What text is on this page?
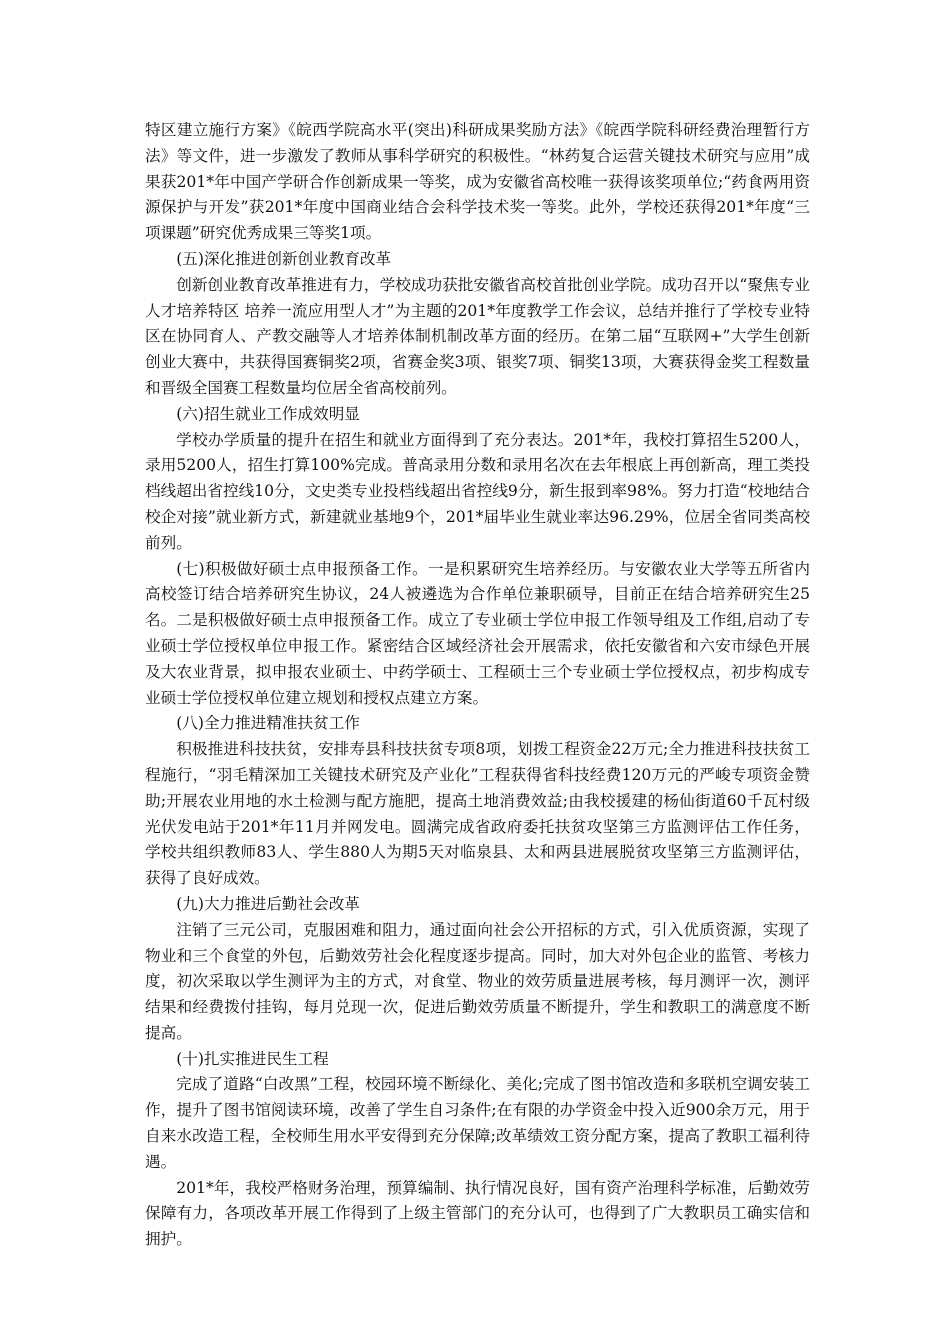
特区建立施行方案》《皖西学院高水平(突出)科研成果奖励方法》《皖西学院科研经费治理暂行方法》等文件，进一步激发了教师从事科学研究的积极性。“林药复合运营关键技术研究与应用”成果获201*年中国产学研合作创新成果一等奖，成为安徽省高校唯一获得该奖项单位;“药食两用资源保护与开发”获201*年度中国商业结合会科学技术奖一等奖。此外，学校还获得201*年度“三项课题”研究优秀成果三等奖1项。

(五)深化推进创新创业教育改革

创新创业教育改革推进有力，学校成功获批安徽省高校首批创业学院。成功召开以“聚焦专业人才培养特区 培养一流应用型人才”为主题的201*年度教学工作会议，总结并推行了学校专业特区在协同育人、产教交融等人才培养体制机制改革方面的经历。在第二届“互联网+”大学生创新创业大赛中，共获得国赛铜奖2项，省赛金奖3项、银奖7项、铜奖13项，大赛获得金奖工程数量和晋级全国赛工程数量均位居全省高校前列。

(六)招生就业工作成效明显

学校办学质量的提升在招生和就业方面得到了充分表达。201*年，我校打算招生5200人，录用5200人，招生打算100%完成。普高录用分数和录用名次在去年根底上再创新高，理工类投档线超出省控线10分，文史类专业投档线超出省控线9分，新生报到率98%。努力打造“校地结合校企对接”就业新方式，新建就业基地9个，201*届毕业生就业率达96.29%，位居全省同类高校前列。

(七)积极做好硕士点申报预备工作。一是积累研究生培养经历。与安徽农业大学等五所省内高校签订结合培养研究生协议，24人被遴选为合作单位兼职硕导，目前正在结合培养研究生25名。二是积极做好硕士点申报预备工作。成立了专业硕士学位申报工作领导组及工作组,启动了专业硕士学位授权单位申报工作。紧密结合区域经济社会开展需求，依托安徽省和六安市绿色开展及大农业背景，拟申报农业硕士、中药学硕士、工程硕士三个专业硕士学位授权点，初步构成专业硕士学位授权单位建立规划和授权点建立方案。

(八)全力推进精准扶贫工作

积极推进科技扶贫，安排寿县科技扶贫专项8项，划拨工程资金22万元;全力推进科技扶贫工程施行，“羽毛精深加工关键技术研究及产业化”工程获得省科技经费120万元的严峻专项资金赞助;开展农业用地的水土检测与配方施肥，提高土地消费效益;由我校援建的杨仙街道60千瓦村级光伏发电站于201*年11月并网发电。圆满完成省政府委托扶贫攻坚第三方监测评估工作任务，学校共组织教师83人、学生880人为期5天对临泉县、太和两县进展脱贫攻坚第三方监测评估，获得了良好成效。

(九)大力推进后勤社会改革

注销了三元公司，克服困难和阻力，通过面向社会公开招标的方式，引入优质资源，实现了物业和三个食堂的外包，后勤效劳社会化程度逐步提高。同时，加大对外包企业的监管、考核力度，初次采取以学生测评为主的方式，对食堂、物业的效劳质量进展考核，每月测评一次，测评结果和经费拨付挂钩，每月兑现一次，促进后勤效劳质量不断提升，学生和教职工的满意度不断提高。

(十)扎实推进民生工程

完成了道路“白改黑”工程，校园环境不断绿化、美化;完成了图书馆改造和多联机空调安装工作，提升了图书馆阅读环境，改善了学生自习条件;在有限的办学资金中投入近900余万元，用于自来水改造工程，全校师生用水平安得到充分保障;改革绩效工资分配方案，提高了教职工福利待遇。

201*年，我校严格财务治理，预算编制、执行情况良好，国有资产治理科学标准，后勤效劳保障有力，各项改革开展工作得到了上级主管部门的充分认可，也得到了广大教职员工确实信和拥护。
